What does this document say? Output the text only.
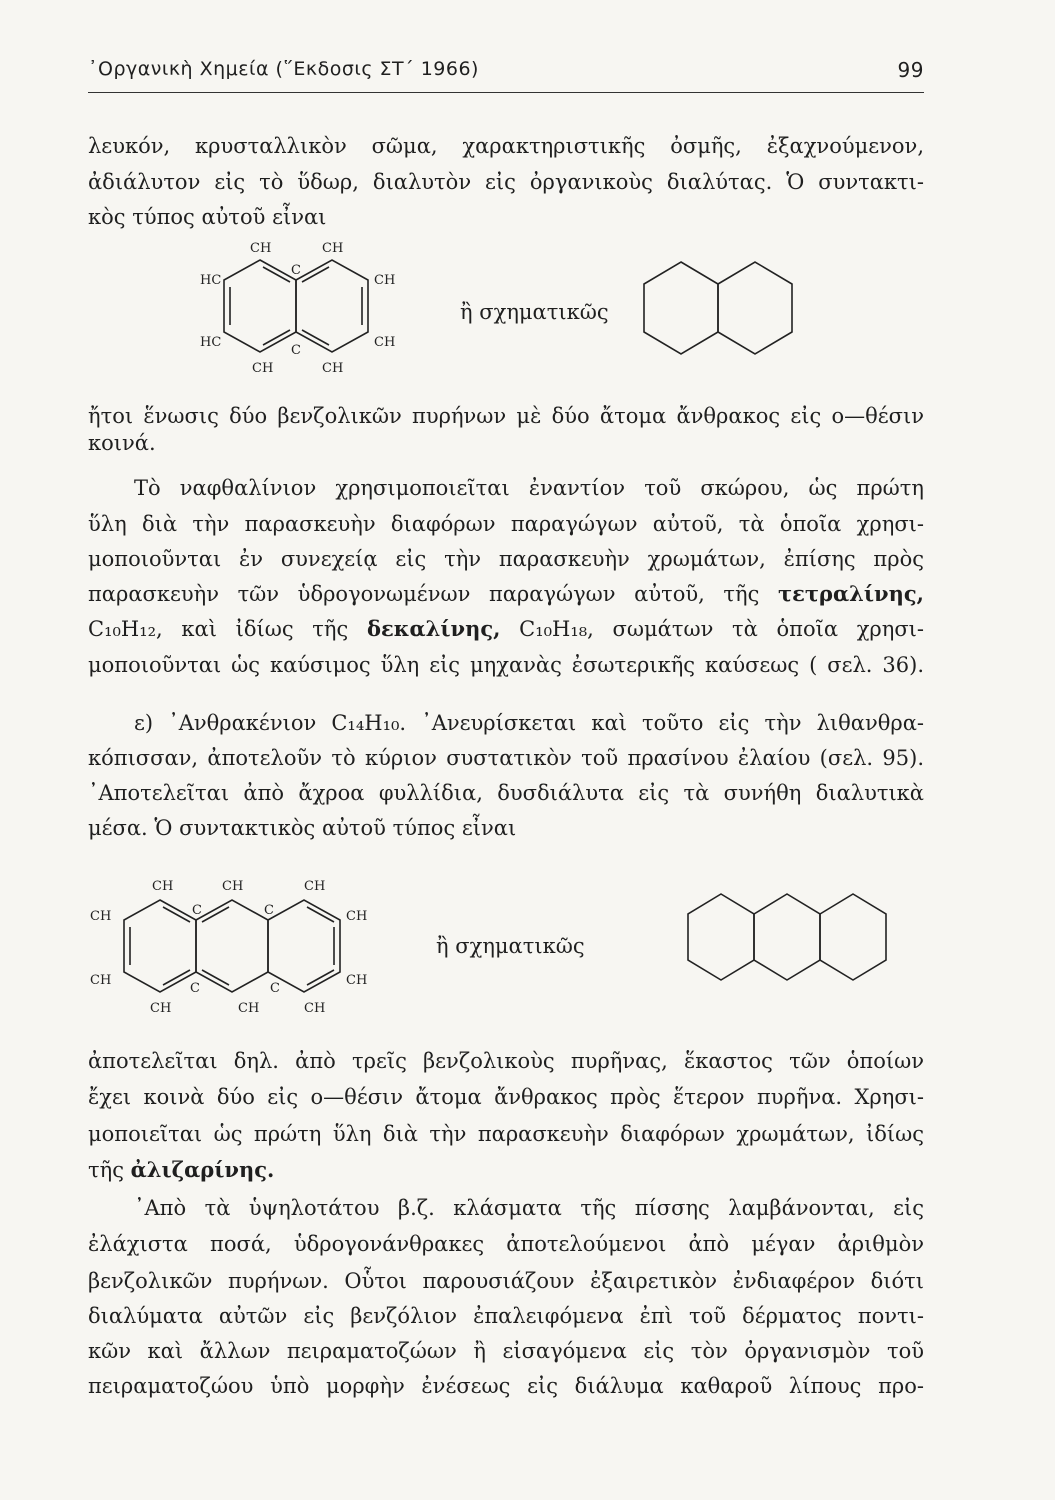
᾿Οργανικὴ Χημεία (῞Εκδοσις ΣΤ΄ 1966)	99
λευκόν, κρυσταλλικὸν σῶμα, χαρακτηριστικῆς ὀσμῆς, ἐξαχνούμενον,
ἀδιάλυτον εἰς τὸ ὕδωρ, διαλυτὸν εἰς ὀργανικοὺς διαλύτας. Ὁ συντακτι-
κὸς τύπος αὐτοῦ εἶναι
CH	CH
HC
C
CH
HC
C
CH
CH	CH
ἢ σχηματικῶς
ἤτοι ἕνωσις δύο βενζολικῶν πυρήνων μὲ δύο ἄτομα ἄνθρακος εἰς ο—θέσιν
κοινά.
Τὸ ναφθαλίνιον χρησιμοποιεῖται ἐναντίον τοῦ σκώρου, ὡς πρώτη
ὕλη διὰ τὴν παρασκευὴν διαφόρων παραγώγων αὐτοῦ, τὰ ὁποῖα χρησι-
μοποιοῦνται ἐν συνεχείᾳ εἰς τὴν παρασκευὴν χρωμάτων, ἐπίσης πρὸς
παρασκευὴν τῶν ὑδρογονωμένων παραγώγων αὐτοῦ, τῆς τετραλίνης,
C₁₀H₁₂, καὶ ἰδίως τῆς δεκαλίνης, C₁₀H₁₈, σωμάτων τὰ ὁποῖα χρησι-
μοποιοῦνται ὡς καύσιμος ὕλη εἰς μηχανὰς ἐσωτερικῆς καύσεως ( σελ. 36).
ε) ᾿Ανθρακένιον C₁₄H₁₀. ᾿Ανευρίσκεται καὶ τοῦτο εἰς τὴν λιθανθρα-
κόπισσαν, ἀποτελοῦν τὸ κύριον συστατικὸν τοῦ πρασίνου ἐλαίου (σελ. 95).
᾿Αποτελεῖται ἀπὸ ἄχροα φυλλίδια, δυσδιάλυτα εἰς τὰ συνήθη διαλυτικὰ
μέσα. Ὁ συντακτικὸς αὐτοῦ τύπος εἶναι
CH	CH	CH
CH	C	C	CH
CH
C	C
CH
CH	CH	CH
ἢ σχηματικῶς
ἀποτελεῖται δηλ. ἀπὸ τρεῖς βενζολικοὺς πυρῆνας, ἕκαστος τῶν ὁποίων
ἔχει κοινὰ δύο εἰς ο—θέσιν ἄτομα ἄνθρακος πρὸς ἕτερον πυρῆνα. Χρησι-
μοποιεῖται ὡς πρώτη ὕλη διὰ τὴν παρασκευὴν διαφόρων χρωμάτων, ἰδίως
τῆς ἀλιζαρίνης.
᾿Απὸ τὰ ὑψηλοτάτου β.ζ. κλάσματα τῆς πίσσης λαμβάνονται, εἰς
ἐλάχιστα ποσά, ὑδρογονάνθρακες ἀποτελούμενοι ἀπὸ μέγαν ἀριθμὸν
βενζολικῶν πυρήνων. Οὗτοι παρουσιάζουν ἐξαιρετικὸν ἐνδιαφέρον διότι
διαλύματα αὐτῶν εἰς βενζόλιον ἐπαλειφόμενα ἐπὶ τοῦ δέρματος ποντι-
κῶν καὶ ἄλλων πειραματοζώων ἢ εἰσαγόμενα εἰς τὸν ὀργανισμὸν τοῦ
πειραματοζώου ὑπὸ μορφὴν ἐνέσεως εἰς διάλυμα καθαροῦ λίπους προ-
